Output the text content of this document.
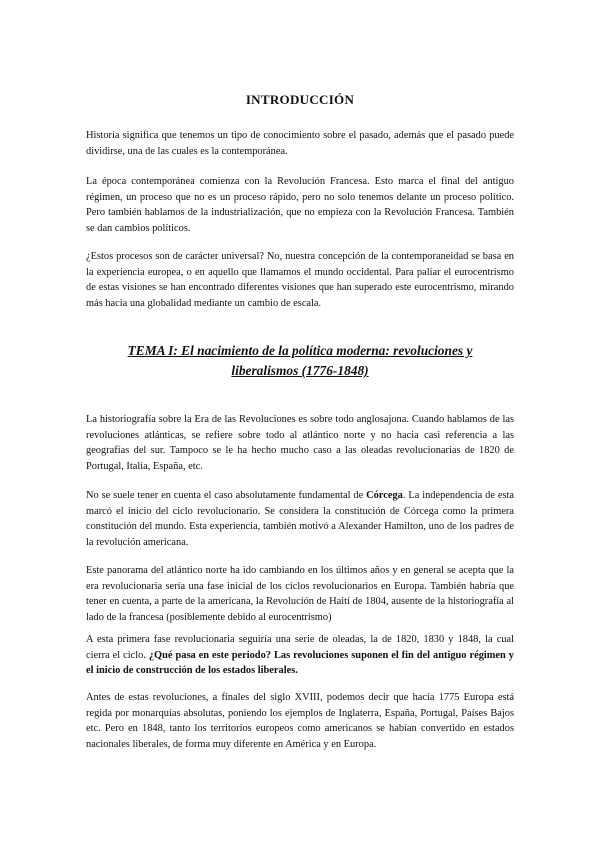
INTRODUCCIÓN

Historia significa que tenemos un tipo de conocimiento sobre el pasado, además que el pasado puede dividirse, una de las cuales es la contemporánea.

La época contemporánea comienza con la Revolución Francesa. Esto marca el final del antiguo régimen, un proceso que no es un proceso rápido, pero no solo tenemos delante un proceso político. Pero también hablamos de la industrialización, que no empieza con la Revolución Francesa. También se dan cambios políticos.

¿Estos procesos son de carácter universal? No, nuestra concepción de la contemporaneidad se basa en la experiencia europea, o en aquello que llamamos el mundo occidental. Para paliar el eurocentrismo de estas visiones se han encontrado diferentes visiones que han superado este eurocentrismo, mirando más hacia una globalidad mediante un cambio de escala.

TEMA I: El nacimiento de la política moderna: revoluciones y liberalismos (1776-1848)

La historiografía sobre la Era de las Revoluciones es sobre todo anglosajona. Cuando hablamos de las revoluciones atlánticas, se refiere sobre todo al atlántico norte y no hacia casi referencia a las geografías del sur. Tampoco se le ha hecho mucho caso a las oleadas revolucionarias de 1820 de Portugal, Italia, España, etc.

No se suele tener en cuenta el caso absolutamente fundamental de Córcega. La independencia de esta marcó el inicio del ciclo revolucionario. Se considera la constitución de Córcega como la primera constitución del mundo. Esta experiencia, también motivó a Alexander Hamilton, uno de los padres de la revolución americana.

Este panorama del atlántico norte ha ido cambiando en los últimos años y en general se acepta que la era revolucionaria sería una fase inicial de los ciclos revolucionarios en Europa. También habría que tener en cuenta, a parte de la americana, la Revolución de Haití de 1804, ausente de la historiografía al lado de la francesa (posiblemente debido al eurocentrismo)

A esta primera fase revolucionaria seguiría una serie de oleadas, la de 1820, 1830 y 1848, la cual cierra el ciclo. ¿Qué pasa en este periodo? Las revoluciones suponen el fin del antiguo régimen y el inicio de construcción de los estados liberales.

Antes de estas revoluciones, a finales del siglo XVIII, podemos decir que hacia 1775 Europa está regida por monarquías absolutas, poniendo los ejemplos de Inglaterra, España, Portugal, Países Bajos etc. Pero en 1848, tanto los territorios europeos como americanos se habían convertido en estados nacionales liberales, de forma muy diferente en América y en Europa.
